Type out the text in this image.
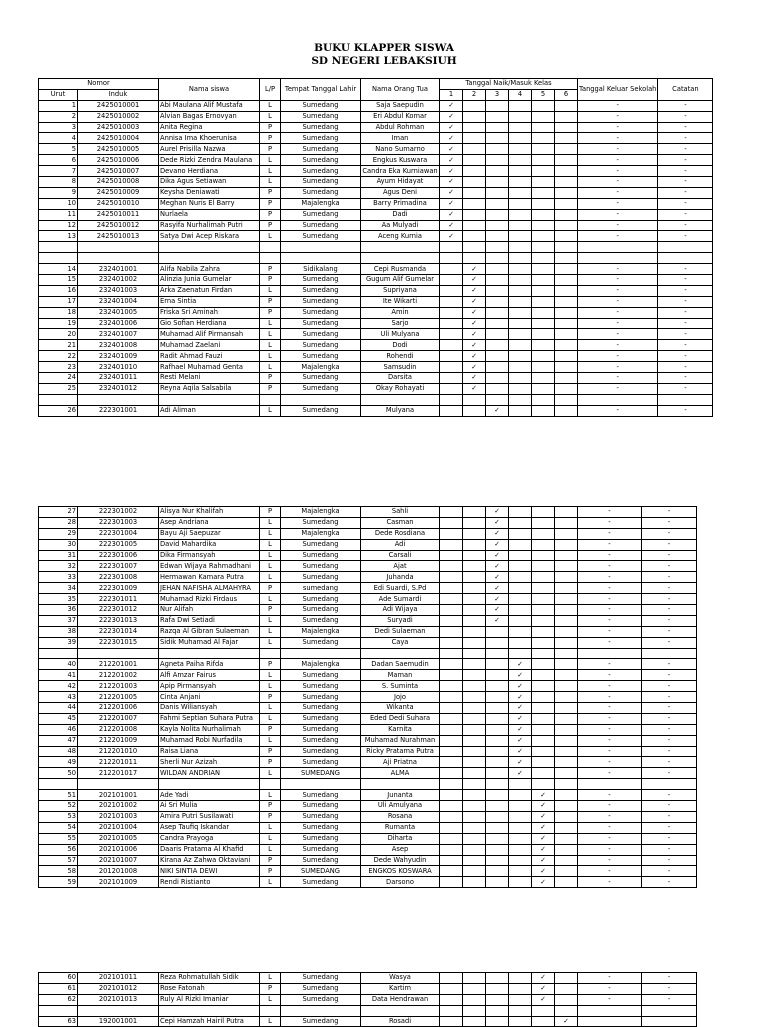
BUKU KLAPPER SISWA
SD NEGERI LEBAKSIUH
Nomor		Nama siswa	L/P	Tempat Tanggal Lahir	Nama Orang Tua	Tanggal Naik/Masuk Kelas						Tanggal Keluar Sekolah	Catatan
Urut	Induk					1	2	3	4	5	6		
1	2425010001	Abi Maulana Alif Mustafa	L	Sumedang	Saja Saepudin	✓						-	-
2	2425010002	Alvian Bagas Ernovyan	L	Sumedang	Eri Abdul Komar	✓						-	-
3	2425010003	Anita Regina	P	Sumedang	Abdul Rohman	✓						-	-
4	2425010004	Annisa Ima Khoerunisa	P	Sumedang	Iman	✓						-	-
5	2425010005	Aurel Prisilla Nazwa	P	Sumedang	Nano Sumarno	✓						-	-
6	2425010006	Dede Rizki Zendra Maulana	L	Sumedang	Engkus Kuswara	✓						-	-
7	2425010007	Devano Herdiana	L	Sumedang	Candra Eka Kurniawan	✓						-	-
8	2425010008	Dika Agus Setiawan	L	Sumedang	Ayum Hidayat	✓						-	-
9	2425010009	Keysha Deniawati	P	Sumedang	Agus Deni	✓						-	-
10	2425010010	Meghan Nuris El Barry	P	Majalengka	Barry Primadina	✓						-	-
11	2425010011	Nurlaela	P	Sumedang	Dadi	✓						-	-
12	2425010012	Rasyifa Nurhalimah Putri	P	Sumedang	Aa Mulyadi	✓						-	-
13	2425010013	Satya Dwi Acep Riskara	L	Sumedang	Aceng Kurnia	✓						-	-

14	232401001	Alifa Nabila Zahra	P	Sidikalang	Cepi Rusmanda		✓					-	-
15	232401002	Alinzia Junia Gumelar	P	Sumedang	Gugum Alif Gumelar		✓					-	-
16	232401003	Arka Zaenatun Firdan	L	Sumedang	Supriyana		✓					-	-
17	232401004	Erna Sintia	P	Sumedang	Ite Wikarti		✓					-	-
18	232401005	Friska Sri Aminah	P	Sumedang	Amin		✓					-	-
19	232401006	Gio Sofian Herdiana	L	Sumedang	Sarjo		✓					-	-
20	232401007	Muhamad Alif Pirmansah	L	Sumedang	Uli Mulyana		✓					-	-
21	232401008	Muhamad Zaelani	L	Sumedang	Dodi		✓					-	-
22	232401009	Radit Ahmad Fauzi	L	Sumedang	Rohendi		✓					-	-
23	232401010	Rafhael Muhamad Genta	L	Majalengka	Samsudin		✓					-	-
24	232401011	Resti Melani	P	Sumedang	Darsita		✓					-	-
25	232401012	Reyna Aqila Salsabila	P	Sumedang	Okay Rohayati		✓					-	-

26	222301001	Adi Aliman	L	Sumedang	Mulyana			✓				-	-
27	222301002	Alisya Nur Khalifah	P	Majalengka	Sahli			✓				-	-
28	222301003	Asep Andriana	L	Sumedang	Casman			✓				-	-
29	222301004	Bayu Aji Saepuzar	L	Majalengka	Dede Rosdiana			✓				-	-
30	222301005	David Mahardika	L	Sumedang	Adi			✓				-	-
31	222301006	Dika Firmansyah	L	Sumedang	Carsali			✓				-	-
32	222301007	Edwan Wijaya Rahmadhani	L	Sumedang	Ajat			✓				-	-
33	222301008	Hermawan Kamara Putra	L	Sumedang	Juhanda			✓				-	-
34	222301009	JEHAN NAFISHA ALMAHYRA	P	sumedang	Edi Suardi, S.Pd			✓				-	-
35	222301011	Muhamad Rizki Firdaus	L	Sumedang	Ade Sumardi			✓				-	-
36	222301012	Nur Alifah	P	Sumedang	Adi Wijaya			✓				-	-
37	222301013	Rafa Dwi Setiadi	L	Sumedang	Suryadi			✓				-	-
38	222301014	Razqa Al Gibran Sulaeman	L	Majalengka	Dedi Sulaeman							-	-
39	222301015	Sidik Muhamad Al Fajar	L	Sumedang	Caya							-	-

40	212201001	Agneta Paiha Rifda	P	Majalengka	Dadan Saemudin				✓			-	-
41	212201002	Alfi Amzar Fairus	L	Sumedang	Maman				✓			-	-
42	212201003	Apip Pirmansyah	L	Sumedang	S. Suminta				✓			-	-
43	212201005	Cinta Anjani	P	Sumedang	Jojo				✓			-	-
44	212201006	Danis Wiliansyah	L	Sumedang	Wikanta				✓			-	-
45	212201007	Fahmi Septian Suhara Putra	L	Sumedang	Eded Dedi Suhara				✓			-	-
46	212201008	Kayla Nolita Nurhalimah	P	Sumedang	Karnita				✓			-	-
47	212201009	Muhamad Robi Nurfadila	L	Sumedang	Muhamad Nurahman				✓			-	-
48	212201010	Raisa Liana	P	Sumedang	Ricky Pratama Putra				✓			-	-
49	212201011	Sherli Nur Azizah	P	Sumedang	Aji Priatna				✓			-	-
50	212201017	WILDAN ANDRIAN	L	SUMEDANG	ALMA				✓			-	-

51	202101001	Ade Yadi	L	Sumedang	Junanta					✓		-	-
52	202101002	Ai Sri Mulia	P	Sumedang	Uli Amulyana					✓		-	-
53	202101003	Amira Putri Susilawati	P	Sumedang	Rosana					✓		-	-
54	202101004	Asep Taufiq Iskandar	L	Sumedang	Rumanta					✓		-	-
55	202101005	Candra Prayoga	L	Sumedang	Diharta					✓		-	-
56	202101006	Daaris Pratama Al Khafid	L	Sumedang	Asep					✓		-	-
57	202101007	Kirana Az Zahwa Oktaviani	P	Sumedang	Dede Wahyudin					✓		-	-
58	201201008	NIKI SINTIA DEWI	P	SUMEDANG	ENGKOS KOSWARA					✓		-	-
59	202101009	Rendi Ristianto	L	Sumedang	Darsono					✓		-	-
60	202101011	Reza Rohmatullah Sidik	L	Sumedang	Wasya					✓		-	-
61	202101012	Rose Fatonah	P	Sumedang	Kartim					✓		-	-
62	202101013	Ruly Al Rizki Imaniar	L	Sumedang	Data Hendrawan					✓		-	-

63	192001001	Cepi Hamzah Hairil Putra	L	Sumedang	Rosadi						✓		
